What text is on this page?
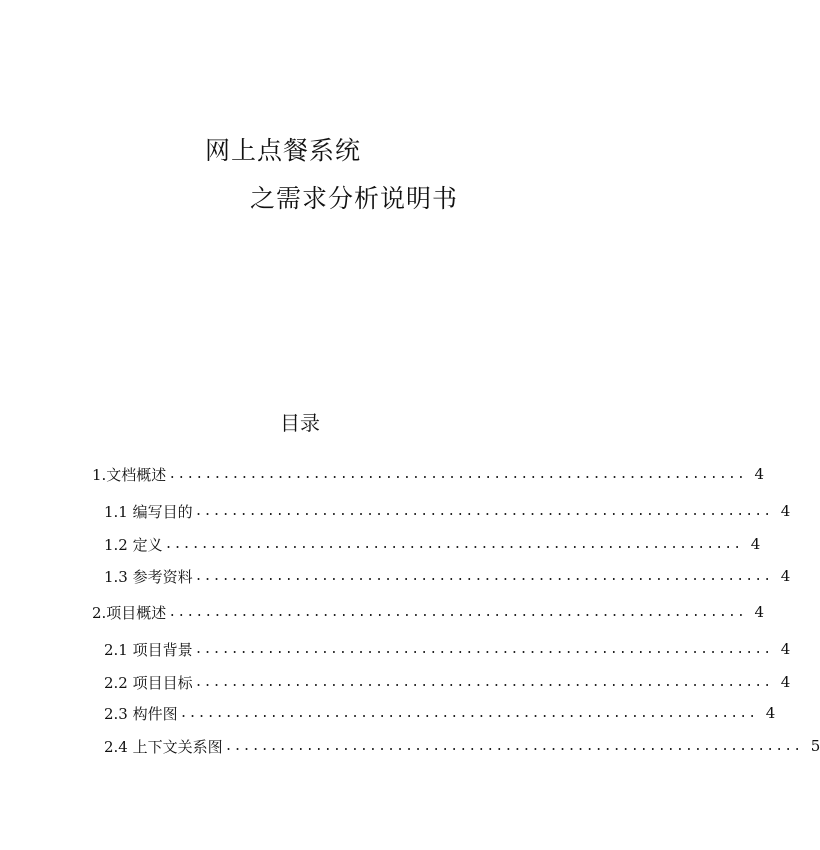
网上点餐系统
之需求分析说明书
目录
1.文档概述 ................................................................ 4
1.1 编写目的 ................................................................ 4
1.2 定义 ................................................................ 4
1.3 参考资料 ................................................................ 4
2.项目概述 ................................................................ 4
2.1 项目背景 ................................................................ 4
2.2 项目目标 ................................................................ 4
2.3 构件图 ................................................................ 4
2.4 上下文关系图 ................................................................ 5
